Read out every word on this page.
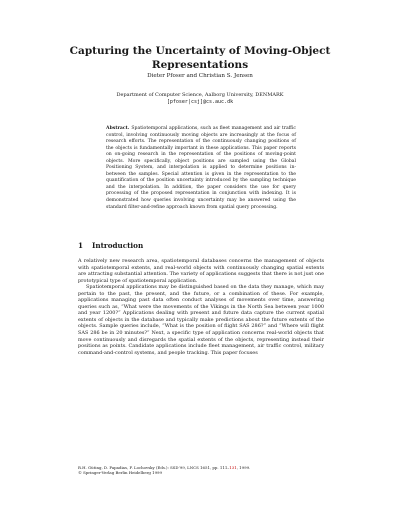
Capturing the Uncertainty of Moving-Object Representations
Dieter Pfoser and Christian S. Jensen
Department of Computer Science, Aalborg University, DENMARK
[pfoser|csj]@cs.auc.dk
Abstract. Spatiotemporal applications, such as fleet management and air traffic control, involving continuously moving objects are increasingly at the focus of research efforts. The representation of the continuously changing positions of the objects is fundamentally important in these applications. This paper reports on on-going research in the representation of the positions of moving-point objects. More specifically, object positions are sampled using the Global Positioning System, and interpolation is applied to determine positions in-between the samples. Special attention is given in the representation to the quantification of the position uncertainty introduced by the sampling technique and the interpolation. In addition, the paper considers the use for query processing of the proposed representation in conjunction with indexing. It is demonstrated how queries involving uncertainty may be answered using the standard filter-and-refine approach known from spatial query processing.
1 Introduction

A relatively new research area, spatiotemporal databases concerns the management of objects with spatiotemporal extents, and real-world objects with continuously changing spatial extents are attracting substantial attention. The variety of applications suggests that there is not just one prototypical type of spatiotemporal application.

Spatiotemporal applications may be distinguished based on the data they manage, which may pertain to the past, the present, and the future, or a combination of these. For example, applications managing past data often conduct analyses of movements over time, answering queries such as, “What were the movements of the Vikings in the North Sea between year 1000 and year 1200?” Applications dealing with present and future data capture the current spatial extents of objects in the database and typically make predictions about the future extents of the objects. Sample queries include, “What is the position of flight SAS 286?” and “Where will flight SAS 286 be in 20 minutes?” Next, a specific type of application concerns real-world objects that move continuously and disregards the spatial extents of the objects, representing instead their positions as points. Candidate applications include fleet management, air traffic control, military command-and-control systems, and people tracking. This paper focuses

R.H. Güting, D. Papadias, F. Lochovsky (Eds.): SSD’99, LNCS 1651, pp. 111–131, 1999.
© Springer-Verlag Berlin Heidelberg 1999
